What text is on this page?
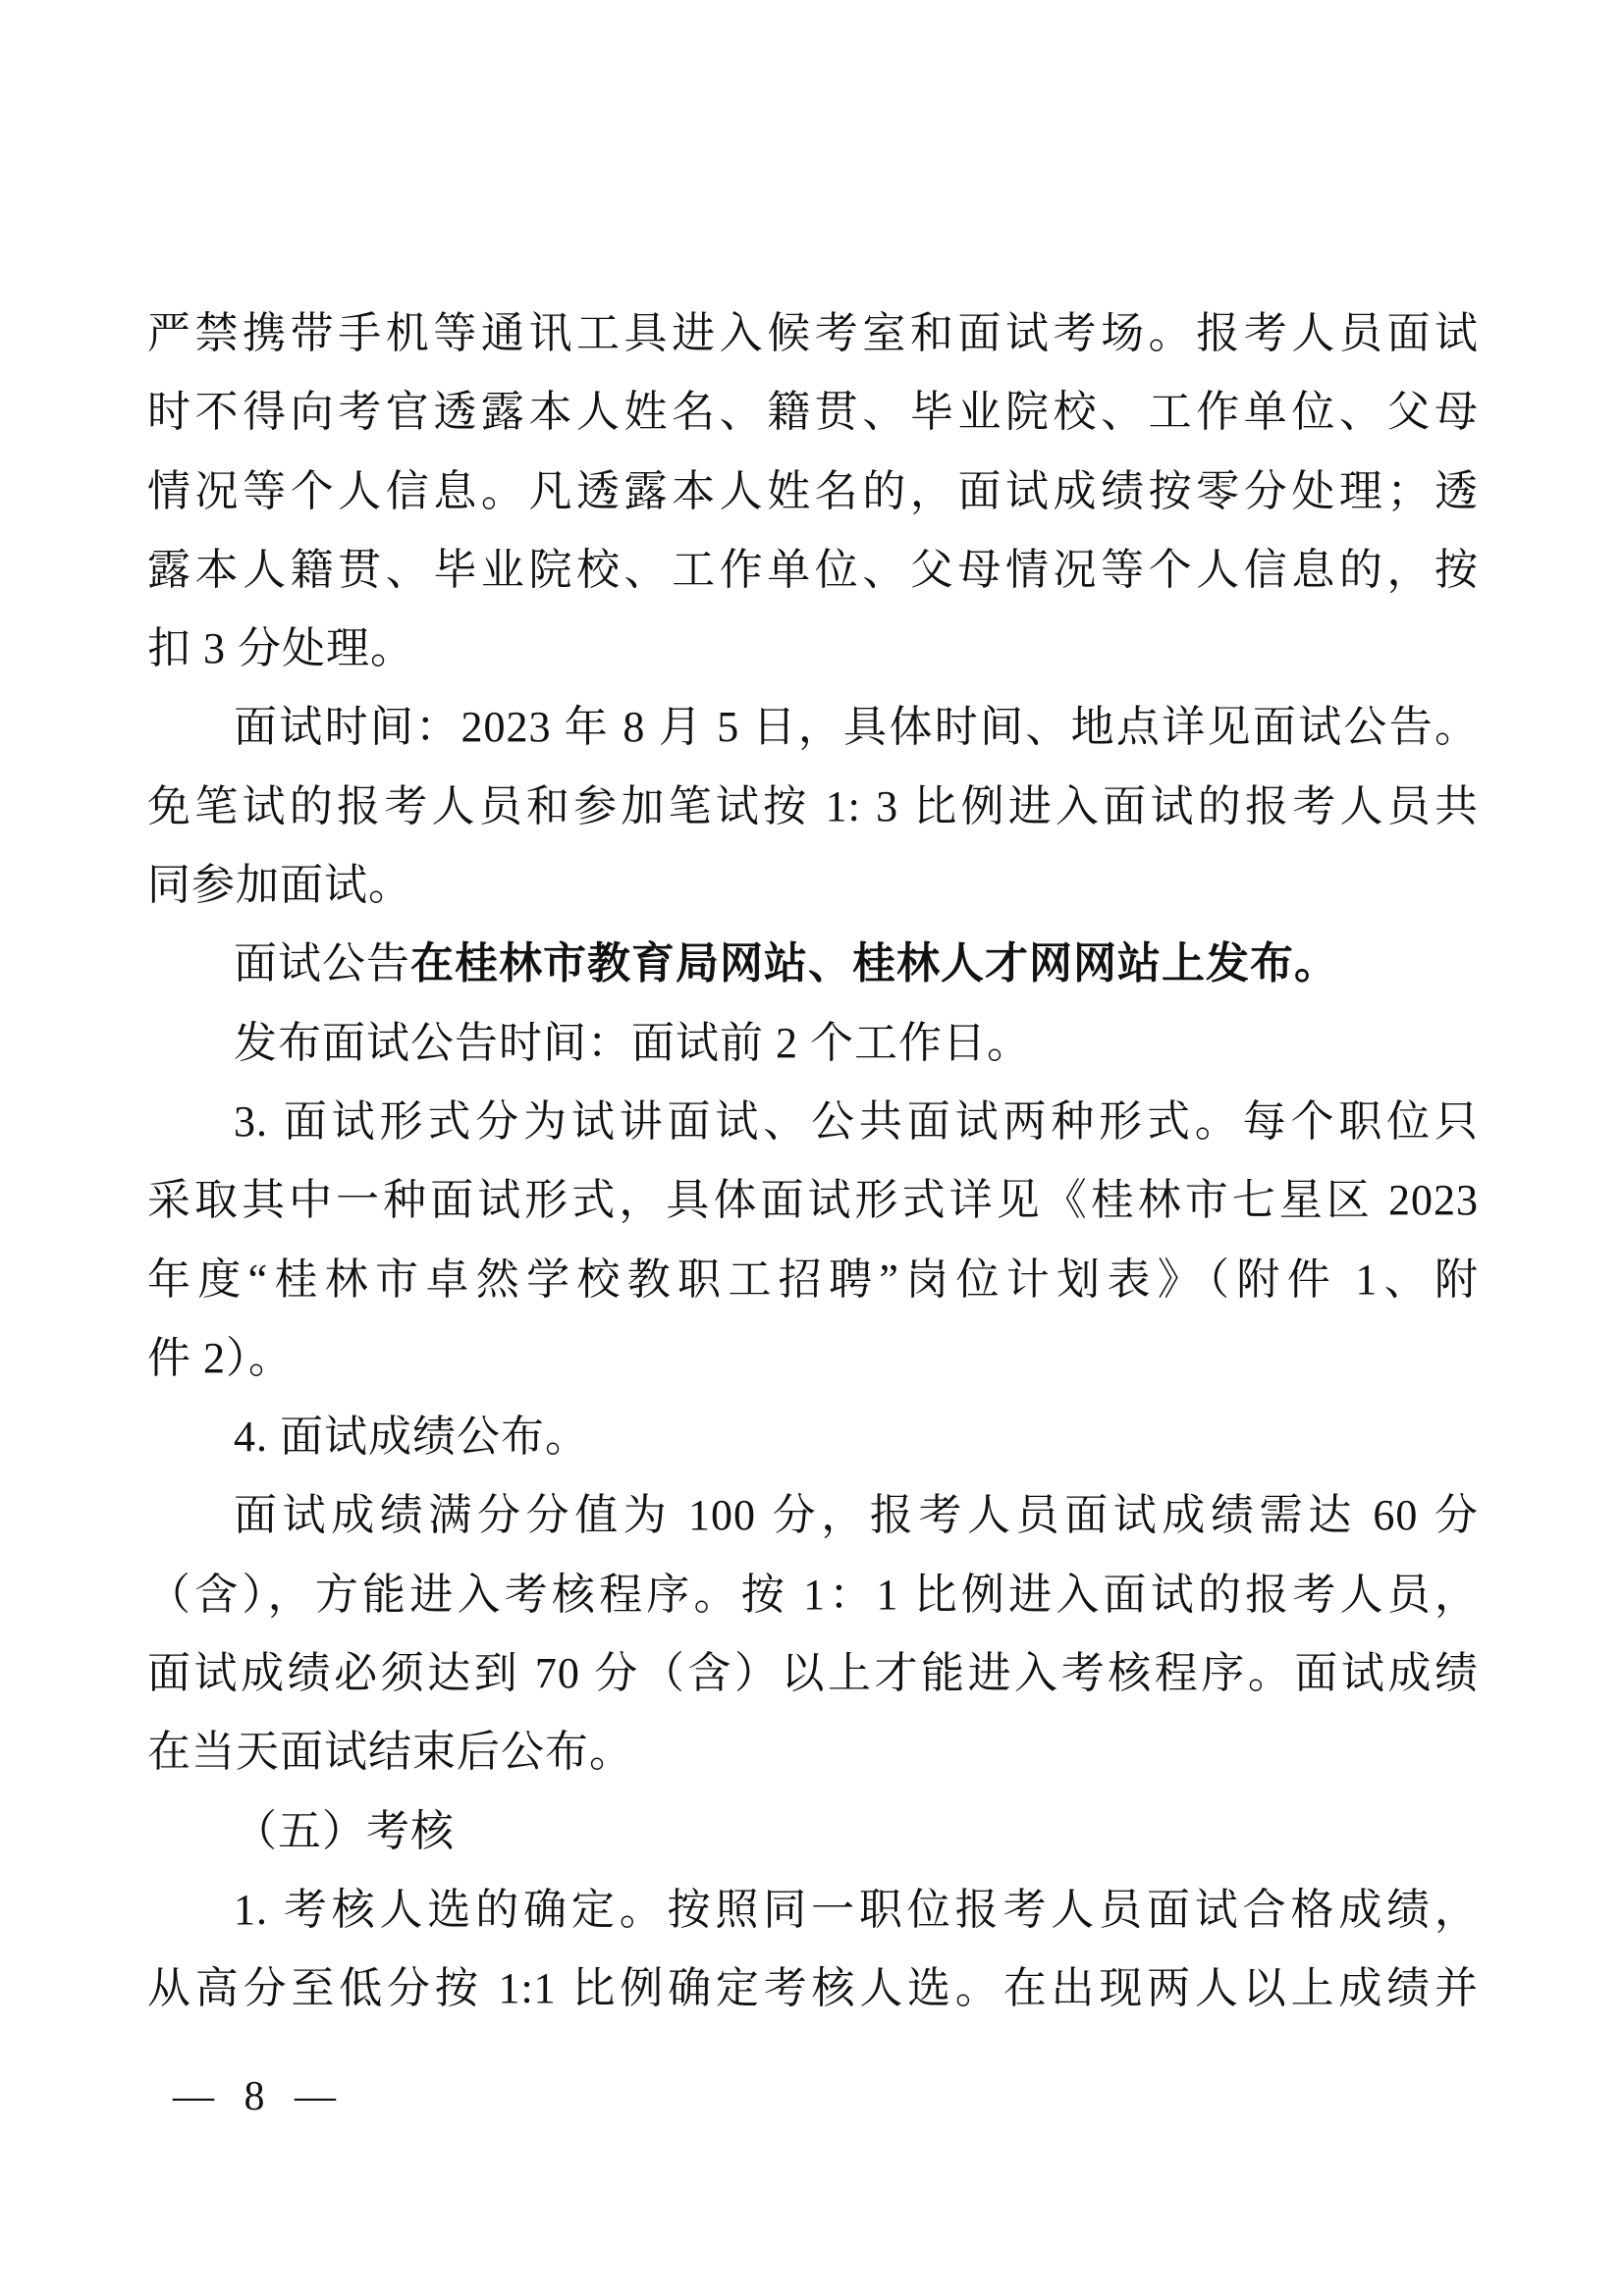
严禁携带手机等通讯工具进入候考室和面试考场。报考人员面试
时不得向考官透露本人姓名、籍贯、毕业院校、工作单位、父母
情况等个人信息。凡透露本人姓名的，面试成绩按零分处理；透
露本人籍贯、毕业院校、工作单位、父母情况等个人信息的，按
扣 3 分处理。
面试时间：2023 年 8 月 5 日，具体时间、地点详见面试公告。
免笔试的报考人员和参加笔试按 1: 3 比例进入面试的报考人员共
同参加面试。
面试公告在桂林市教育局网站、桂林人才网网站上发布。
发布面试公告时间：面试前 2 个工作日。
3. 面试形式分为试讲面试、公共面试两种形式。每个职位只
采取其中一种面试形式，具体面试形式详见《桂林市七星区 2023
年度“桂林市卓然学校教职工招聘”岗位计划表》（附件 1、附
件 2）。
4. 面试成绩公布。
面试成绩满分分值为 100 分，报考人员面试成绩需达 60 分
（含），方能进入考核程序。按 1：1 比例进入面试的报考人员，
面试成绩必须达到 70 分（含）以上才能进入考核程序。面试成绩
在当天面试结束后公布。
（五）考核
1. 考核人选的确定。按照同一职位报考人员面试合格成绩，
从高分至低分按 1:1 比例确定考核人选。在出现两人以上成绩并
— 8 —
